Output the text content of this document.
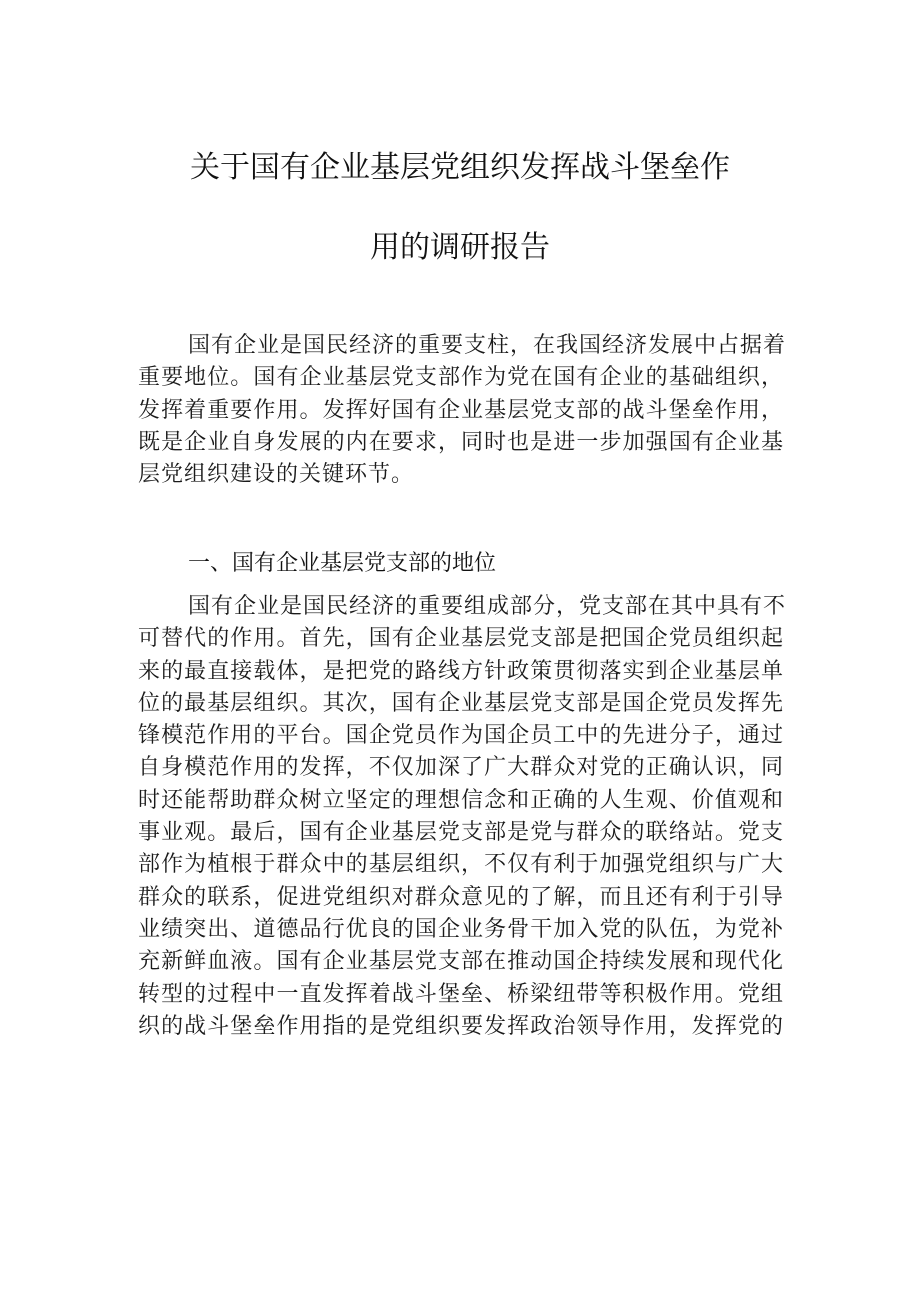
关于国有企业基层党组织发挥战斗堡垒作
用的调研报告
国有企业是国民经济的重要支柱，在我国经济发展中占据着
重要地位。国有企业基层党支部作为党在国有企业的基础组织，
发挥着重要作用。发挥好国有企业基层党支部的战斗堡垒作用，
既是企业自身发展的内在要求，同时也是进一步加强国有企业基
层党组织建设的关键环节。
一、国有企业基层党支部的地位
国有企业是国民经济的重要组成部分，党支部在其中具有不
可替代的作用。首先，国有企业基层党支部是把国企党员组织起
来的最直接载体，是把党的路线方针政策贯彻落实到企业基层单
位的最基层组织。其次，国有企业基层党支部是国企党员发挥先
锋模范作用的平台。国企党员作为国企员工中的先进分子，通过
自身模范作用的发挥，不仅加深了广大群众对党的正确认识，同
时还能帮助群众树立坚定的理想信念和正确的人生观、价值观和
事业观。最后，国有企业基层党支部是党与群众的联络站。党支
部作为植根于群众中的基层组织，不仅有利于加强党组织与广大
群众的联系，促进党组织对群众意见的了解，而且还有利于引导
业绩突出、道德品行优良的国企业务骨干加入党的队伍，为党补
充新鲜血液。国有企业基层党支部在推动国企持续发展和现代化
转型的过程中一直发挥着战斗堡垒、桥梁纽带等积极作用。党组
织的战斗堡垒作用指的是党组织要发挥政治领导作用，发挥党的
